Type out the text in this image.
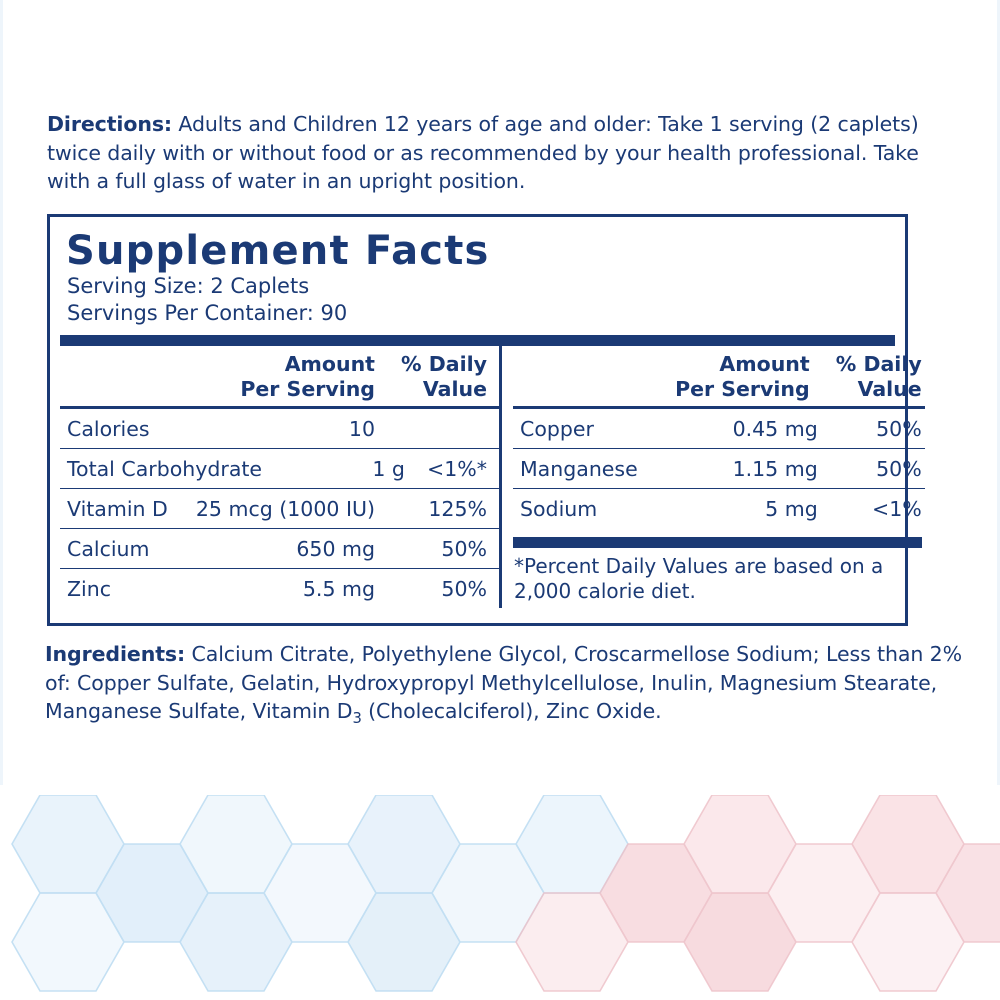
Directions: Adults and Children 12 years of age and older: Take 1 serving (2 caplets) twice daily with or without food or as recommended by your health professional. Take with a full glass of water in an upright position.
Supplement Facts
Serving Size: 2 Caplets
Servings Per Container: 90
Amount
Per Serving
% Daily
Value
Calories	10
Total Carbohydrate	1 g	<1%*
Vitamin D	25 mcg (1000 IU)	125%
Calcium	650 mg	50%
Zinc	5.5 mg	50%
Amount
Per Serving
% Daily
Value
Copper	0.45 mg	50%
Manganese	1.15 mg	50%
Sodium	5 mg	<1%
*Percent Daily Values are based on a 2,000 calorie diet.
Ingredients: Calcium Citrate, Polyethylene Glycol, Croscarmellose Sodium; Less than 2% of: Copper Sulfate, Gelatin, Hydroxypropyl Methylcellulose, Inulin, Magnesium Stearate, Manganese Sulfate, Vitamin $D_3$ (Cholecalciferol), Zinc Oxide.
